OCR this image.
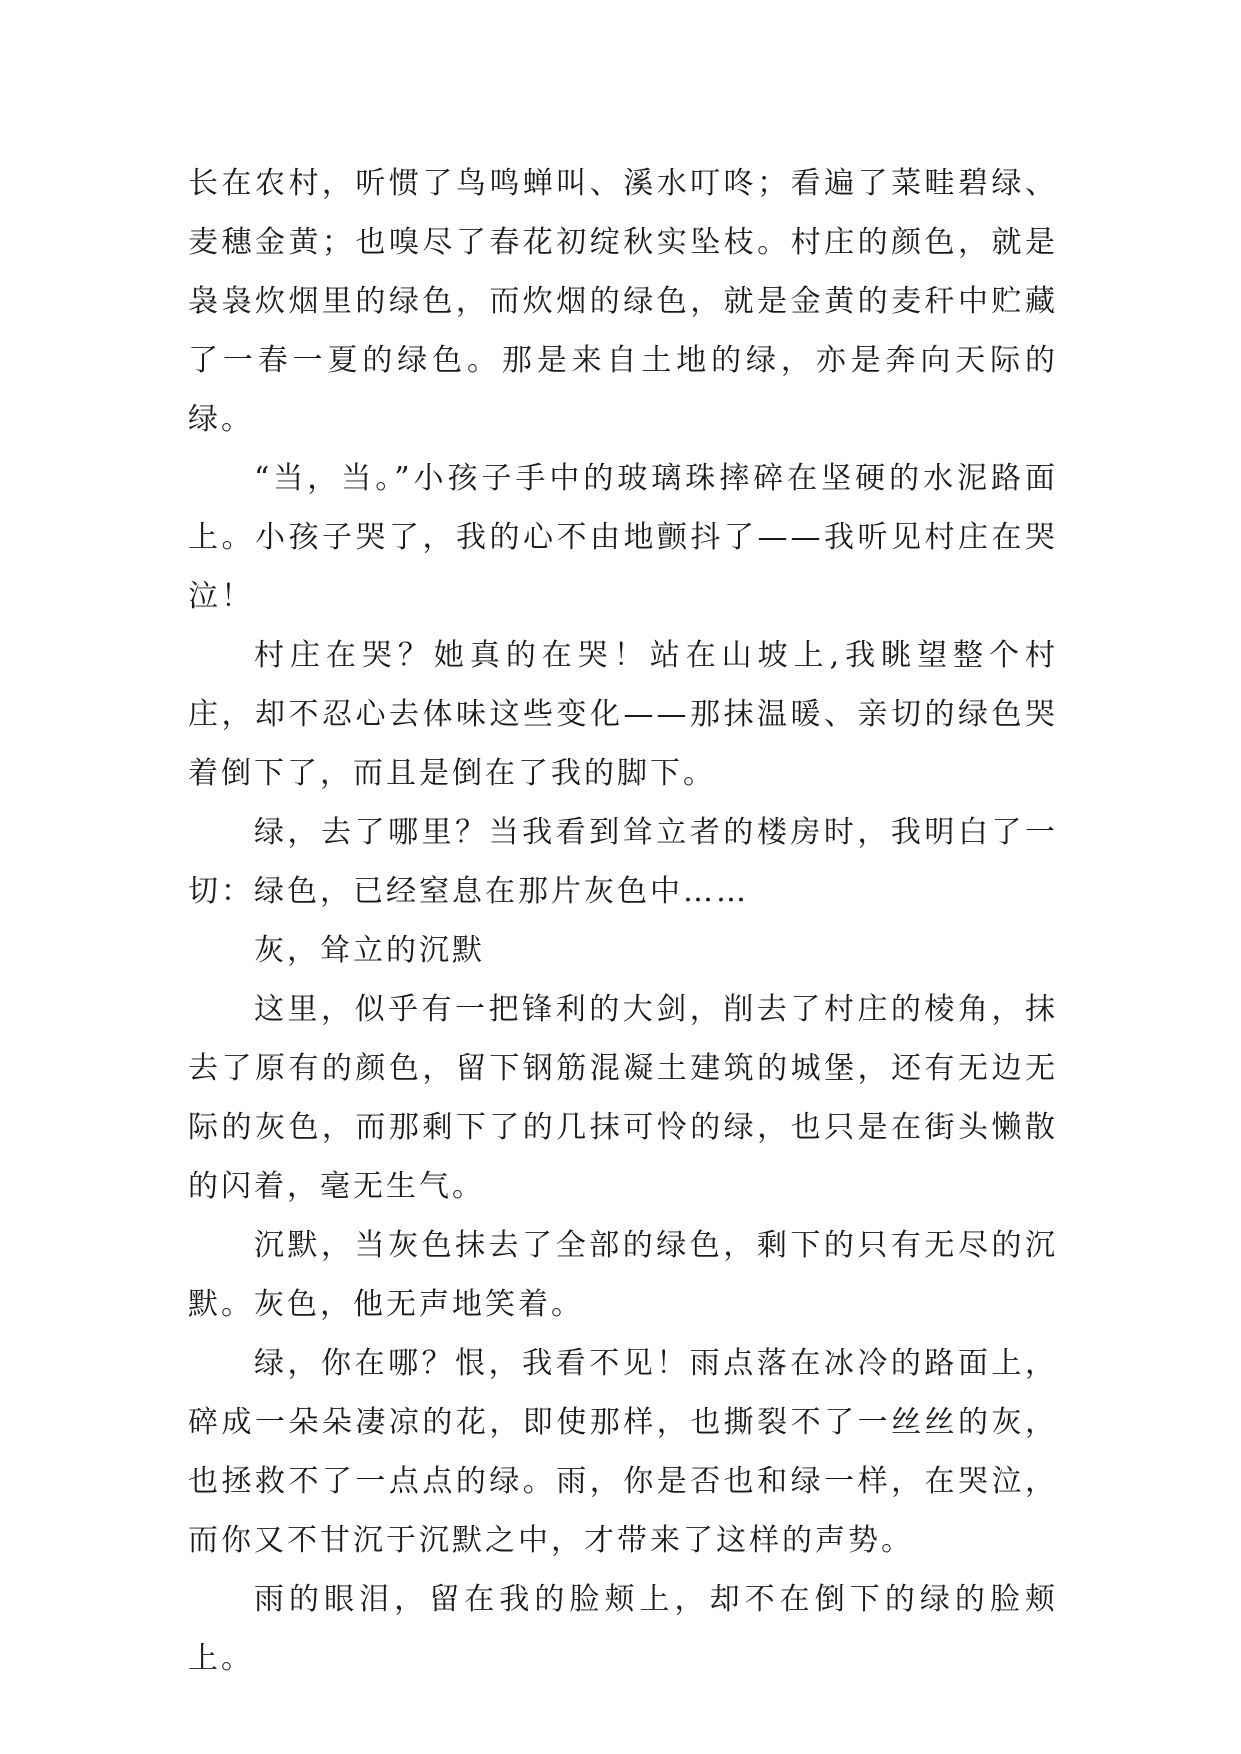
长在农村，听惯了鸟鸣蝉叫、溪水叮咚；看遍了菜畦碧绿、麦穗金黄；也嗅尽了春花初绽秋实坠枝。村庄的颜色，就是袅袅炊烟里的绿色，而炊烟的绿色，就是金黄的麦秆中贮藏了一春一夏的绿色。那是来自土地的绿，亦是奔向天际的绿。

“当，当。”小孩子手中的玻璃珠摔碎在坚硬的水泥路面上。小孩子哭了，我的心不由地颤抖了——我听见村庄在哭泣！

村庄在哭？她真的在哭！站在山坡上,我眺望整个村庄，却不忍心去体味这些变化——那抹温暖、亲切的绿色哭着倒下了，而且是倒在了我的脚下。

绿，去了哪里？当我看到耸立者的楼房时，我明白了一切：绿色，已经窒息在那片灰色中……

灰，耸立的沉默

这里，似乎有一把锋利的大剑，削去了村庄的棱角，抹去了原有的颜色，留下钢筋混凝土建筑的城堡，还有无边无际的灰色，而那剩下了的几抹可怜的绿，也只是在街头懒散的闪着，毫无生气。

沉默，当灰色抹去了全部的绿色，剩下的只有无尽的沉默。灰色，他无声地笑着。

绿，你在哪？恨，我看不见！雨点落在冰冷的路面上，碎成一朵朵凄凉的花，即使那样，也撕裂不了一丝丝的灰，也拯救不了一点点的绿。雨，你是否也和绿一样，在哭泣，而你又不甘沉于沉默之中，才带来了这样的声势。

雨的眼泪，留在我的脸颊上，却不在倒下的绿的脸颊上。
